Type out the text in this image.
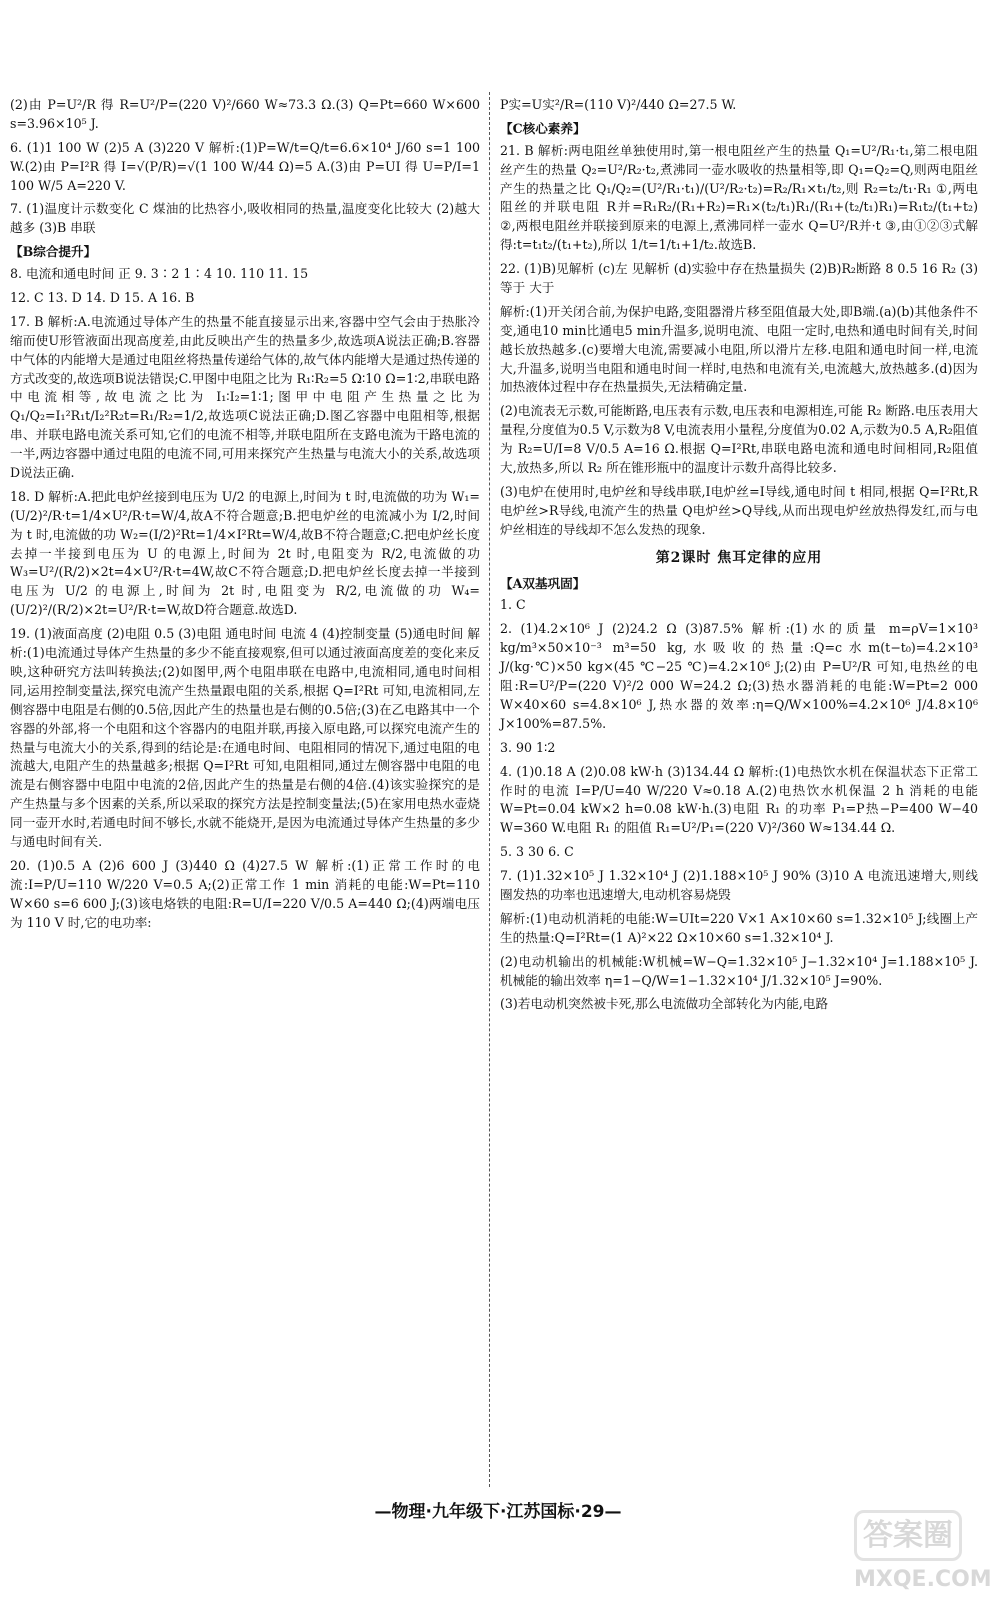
(2)由 P=U²/R 得 R=U²/P=(220 V)²/660 W≈73.3 Ω.(3) Q=Pt=660 W×600 s=3.96×10⁵ J.

6. (1)1 100 W (2)5 A (3)220 V 解析:(1)P=W/t=Q/t=6.6×10⁴ J/60 s=1 100 W.(2)由 P=I²R 得 I=√(P/R)=√(1 100 W/44 Ω)=5 A.(3)由 P=UI 得 U=P/I=1 100 W/5 A=220 V.

7. (1)温度计示数变化 C 煤油的比热容小,吸收相同的热量,温度变化比较大 (2)越大 越多 (3)B 串联

【B综合提升】

8. 电流和通电时间 正 9. 3∶2 1∶4 10. 110 11. 15

12. C 13. D 14. D 15. A 16. B

17. B 解析:A.电流通过导体产生的热量不能直接显示出来,容器中空气会由于热胀冷缩而使U形管液面出现高度差,由此反映出产生的热量多少,故选项A说法正确;B.容器中气体的内能增大是通过电阻丝将热量传递给气体的,故气体内能增大是通过热传递的方式改变的,故选项B说法错误;C.甲图中电阻之比为 R₁∶R₂=5 Ω∶10 Ω=1∶2,串联电路中电流相等,故电流之比为 I₁∶I₂=1∶1;图甲中电阻产生热量之比为 Q₁/Q₂=I₁²R₁t/I₂²R₂t=R₁/R₂=1/2,故选项C说法正确;D.图乙容器中电阻相等,根据串、并联电路电流关系可知,它们的电流不相等,并联电阻所在支路电流为干路电流的一半,两边容器中通过电阻的电流不同,可用来探究产生热量与电流大小的关系,故选项D说法正确.

18. D 解析:A.把此电炉丝接到电压为 U/2 的电源上,时间为 t 时,电流做的功为 W₁=(U/2)²/R·t=1/4×U²/R·t=W/4,故A不符合题意;B.把电炉丝的电流减小为 I/2,时间为 t 时,电流做的功 W₂=(I/2)²Rt=1/4×I²Rt=W/4,故B不符合题意;C.把电炉丝长度去掉一半接到电压为 U 的电源上,时间为 2t 时,电阻变为 R/2,电流做的功 W₃=U²/(R/2)×2t=4×U²/R·t=4W,故C不符合题意;D.把电炉丝长度去掉一半接到电压为 U/2 的电源上,时间为 2t 时,电阻变为 R/2,电流做的功 W₄=(U/2)²/(R/2)×2t=U²/R·t=W,故D符合题意.故选D.

19. (1)液面高度 (2)电阻 0.5 (3)电阻 通电时间 电流 4 (4)控制变量 (5)通电时间 解析:(1)电流通过导体产生热量的多少不能直接观察,但可以通过液面高度差的变化来反映,这种研究方法叫转换法;(2)如图甲,两个电阻串联在电路中,电流相同,通电时间相同,运用控制变量法,探究电流产生热量跟电阻的关系,根据 Q=I²Rt 可知,电流相同,左侧容器中电阻是右侧的0.5倍,因此产生的热量也是右侧的0.5倍;(3)在乙电路其中一个容器的外部,将一个电阻和这个容器内的电阻并联,再接入原电路,可以探究电流产生的热量与电流大小的关系,得到的结论是:在通电时间、电阻相同的情况下,通过电阻的电流越大,电阻产生的热量越多;根据 Q=I²Rt 可知,电阻相同,通过左侧容器中电阻的电流是右侧容器中电阻中电流的2倍,因此产生的热量是右侧的4倍.(4)该实验探究的是产生热量与多个因素的关系,所以采取的探究方法是控制变量法;(5)在家用电热水壶烧同一壶开水时,若通电时间不够长,水就不能烧开,是因为电流通过导体产生热量的多少与通电时间有关.

20. (1)0.5 A (2)6 600 J (3)440 Ω (4)27.5 W 解析:(1)正常工作时的电流:I=P/U=110 W/220 V=0.5 A;(2)正常工作 1 min 消耗的电能:W=Pt=110 W×60 s=6 600 J;(3)该电烙铁的电阻:R=U/I=220 V/0.5 A=440 Ω;(4)两端电压为 110 V 时,它的电功率:

P实=U实²/R=(110 V)²/440 Ω=27.5 W.

【C核心素养】

21. B 解析:两电阻丝单独使用时,第一根电阻丝产生的热量 Q₁=U²/R₁·t₁,第二根电阻丝产生的热量 Q₂=U²/R₂·t₂,煮沸同一壶水吸收的热量相等,即 Q₁=Q₂=Q,则两电阻丝产生的热量之比 Q₁/Q₂=(U²/R₁·t₁)/(U²/R₂·t₂)=R₂/R₁×t₁/t₂,则 R₂=t₂/t₁·R₁ ①,两电阻丝的并联电阻 R并=R₁R₂/(R₁+R₂)=R₁×(t₂/t₁)R₁/(R₁+(t₂/t₁)R₁)=R₁t₂/(t₁+t₂) ②,两根电阻丝并联接到原来的电源上,煮沸同样一壶水 Q=U²/R并·t ③,由①②③式解得:t=t₁t₂/(t₁+t₂),所以 1/t=1/t₁+1/t₂.故选B.

22. (1)B)见解析 (c)左 见解析 (d)实验中存在热量损失 (2)B)R₂断路 8 0.5 16 R₂ (3)等于 大于

解析:(1)开关闭合前,为保护电路,变阻器滑片移至阻值最大处,即B端.(a)(b)其他条件不变,通电10 min比通电5 min升温多,说明电流、电阻一定时,电热和通电时间有关,时间越长放热越多.(c)要增大电流,需要减小电阻,所以滑片左移.电阻和通电时间一样,电流大,升温多,说明当电阻和通电时间一样时,电热和电流有关,电流越大,放热越多.(d)因为加热液体过程中存在热量损失,无法精确定量.

(2)电流表无示数,可能断路,电压表有示数,电压表和电源相连,可能 R₂ 断路.电压表用大量程,分度值为0.5 V,示数为8 V,电流表用小量程,分度值为0.02 A,示数为0.5 A,R₂阻值为 R₂=U/I=8 V/0.5 A=16 Ω.根据 Q=I²Rt,串联电路电流和通电时间相同,R₂阻值大,放热多,所以 R₂ 所在锥形瓶中的温度计示数升高得比较多.

(3)电炉在使用时,电炉丝和导线串联,I电炉丝=I导线,通电时间 t 相同,根据 Q=I²Rt,R电炉丝>R导线,电流产生的热量 Q电炉丝>Q导线,从而出现电炉丝放热得发红,而与电炉丝相连的导线却不怎么发热的现象.

第2课时 焦耳定律的应用

【A双基巩固】

1. C

2. (1)4.2×10⁶ J (2)24.2 Ω (3)87.5% 解析:(1)水的质量 m=ρV=1×10³ kg/m³×50×10⁻³ m³=50 kg,水吸收的热量:Q=c水m(t−t₀)=4.2×10³ J/(kg·℃)×50 kg×(45 ℃−25 ℃)=4.2×10⁶ J;(2)由 P=U²/R 可知,电热丝的电阻:R=U²/P=(220 V)²/2 000 W=24.2 Ω;(3)热水器消耗的电能:W=Pt=2 000 W×40×60 s=4.8×10⁶ J,热水器的效率:η=Q/W×100%=4.2×10⁶ J/4.8×10⁶ J×100%=87.5%.

3. 90 1∶2

4. (1)0.18 A (2)0.08 kW·h (3)134.44 Ω 解析:(1)电热饮水机在保温状态下正常工作时的电流 I=P/U=40 W/220 V≈0.18 A.(2)电热饮水机保温 2 h 消耗的电能 W=Pt=0.04 kW×2 h=0.08 kW·h.(3)电阻 R₁ 的功率 P₁=P热−P=400 W−40 W=360 W.电阻 R₁ 的阻值 R₁=U²/P₁=(220 V)²/360 W≈134.44 Ω.

5. 3 30 6. C

7. (1)1.32×10⁵ J 1.32×10⁴ J (2)1.188×10⁵ J 90% (3)10 A 电流迅速增大,则线圈发热的功率也迅速增大,电动机容易烧毁

解析:(1)电动机消耗的电能:W=UIt=220 V×1 A×10×60 s=1.32×10⁵ J;线圈上产生的热量:Q=I²Rt=(1 A)²×22 Ω×10×60 s=1.32×10⁴ J.

(2)电动机输出的机械能:W机械=W−Q=1.32×10⁵ J−1.32×10⁴ J=1.188×10⁵ J.机械能的输出效率 η=1−Q/W=1−1.32×10⁴ J/1.32×10⁵ J=90%.

(3)若电动机突然被卡死,那么电流做功全部转化为内能,电路

—物理·九年级下·江苏国标·29—
答案圈
MXQE.COM
